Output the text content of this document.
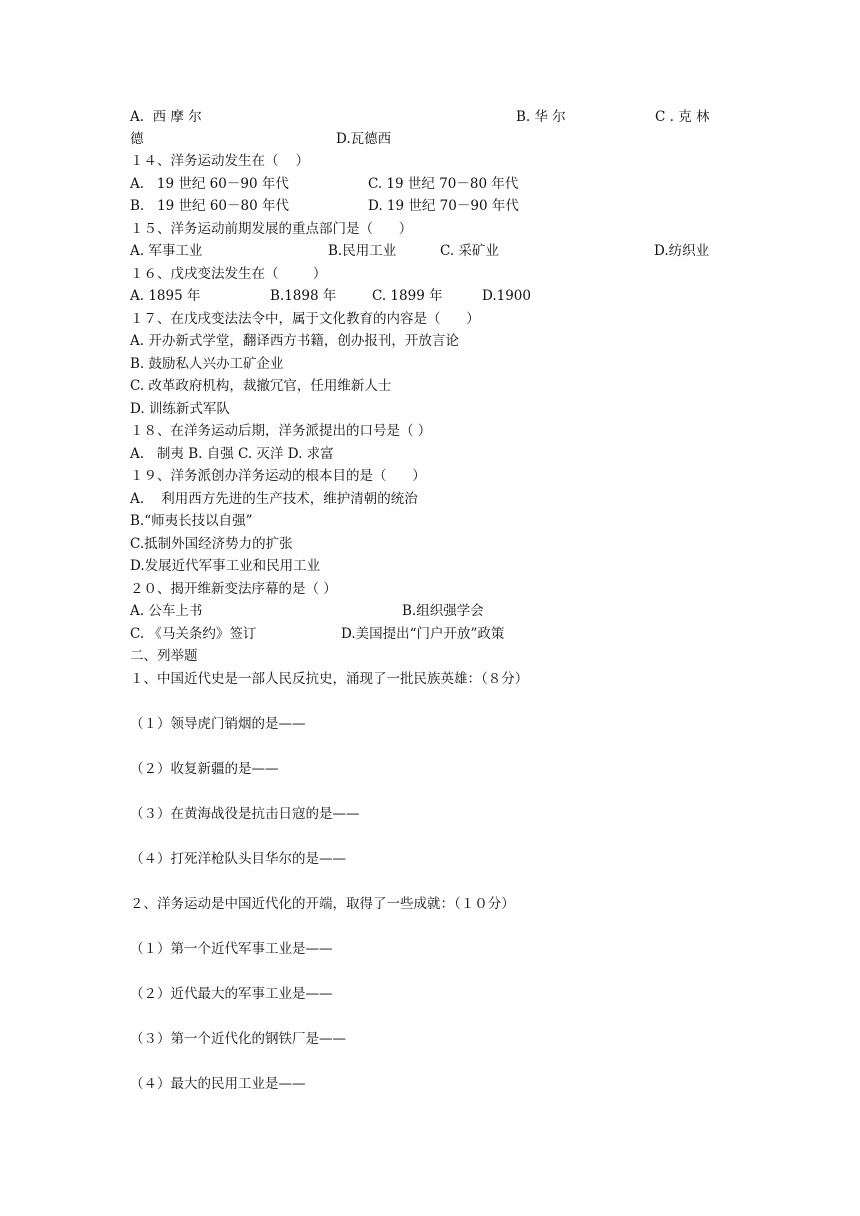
A.  西 摩 尔	B. 华 尔	C . 克 林
德	D.瓦德西
１４、洋务运动发生在（    ）
A.   19 世纪 60－90 年代	C. 19 世纪 70－80 年代
B.   19 世纪 60－80 年代	D. 19 世纪 70－90 年代
１５、洋务运动前期发展的重点部门是（      ）
A. 军事工业	B.民用工业	C. 采矿业	D.纺织业
１６、戊戌变法发生在（        ）
A. 1895 年	B.1898 年	C. 1899 年	D.1900
１７、在戊戌变法法令中，属于文化教育的内容是（      ）
A. 开办新式学堂，翻译西方书籍，创办报刊，开放言论
B. 鼓励私人兴办工矿企业
C. 改革政府机构，裁撤冗官，任用维新人士
D. 训练新式军队
１８、在洋务运动后期，洋务派提出的口号是（ ）
A.   制夷 B. 自强 C. 灭洋 D. 求富
１９、洋务派创办洋务运动的根本目的是（      ）
A.    利用西方先进的生产技术，维护清朝的统治
B.“师夷长技以自强”
C.抵制外国经济势力的扩张
D.发展近代军事工业和民用工业
２０、揭开维新变法序幕的是（ ）
A. 公车上书	B.组织强学会
C. 《马关条约》签订	D.美国提出“门户开放”政策
二、列举题
１、中国近代史是一部人民反抗史，涌现了一批民族英雄：（８分）
（１）领导虎门销烟的是——
（２）收复新疆的是——
（３）在黄海战役是抗击日寇的是——
（４）打死洋枪队头目华尔的是——
２、洋务运动是中国近代化的开端，取得了一些成就：（１０分）
（１）第一个近代军事工业是——
（２）近代最大的军事工业是——
（３）第一个近代化的钢铁厂是——
（４）最大的民用工业是——
